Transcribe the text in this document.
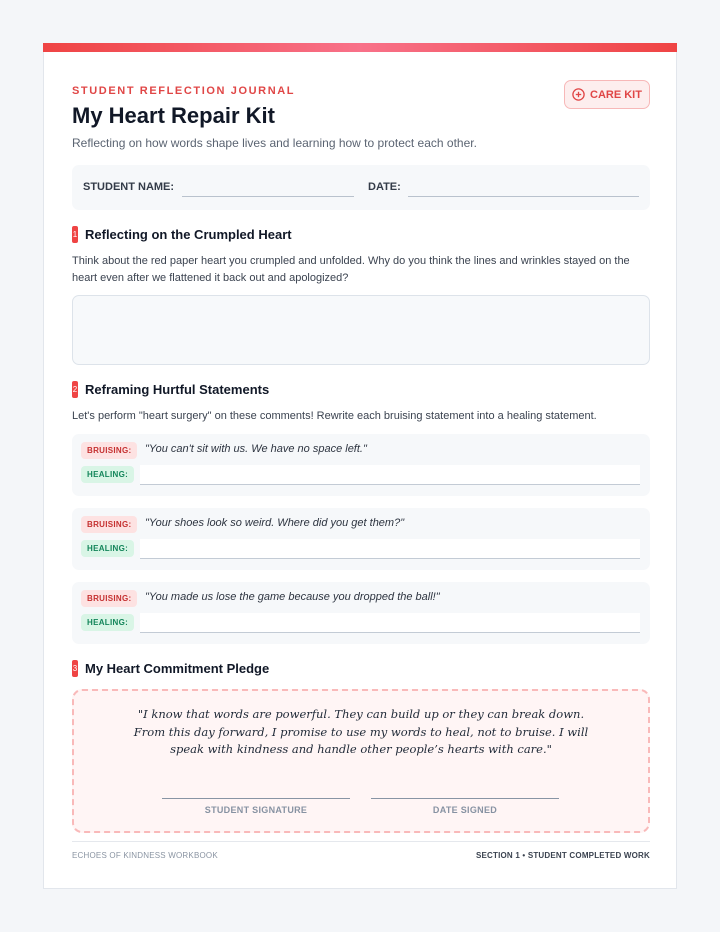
STUDENT REFLECTION JOURNAL
My Heart Repair Kit
Reflecting on how words shape lives and learning how to protect each other.
CARE KIT
STUDENT NAME:	DATE:
1 Reflecting on the Crumpled Heart
Think about the red paper heart you crumpled and unfolded. Why do you think the lines and wrinkles stayed on the heart even after we flattened it back out and apologized?
2 Reframing Hurtful Statements
Let's perform "heart surgery" on these comments! Rewrite each bruising statement into a healing statement.
BRUISING:	"You can't sit with us. We have no space left."
HEALING:
BRUISING:	"Your shoes look so weird. Where did you get them?"
HEALING:
BRUISING:	"You made us lose the game because you dropped the ball!"
HEALING:
3 My Heart Commitment Pledge
"I know that words are powerful. They can build up or they can break down. From this day forward, I promise to use my words to heal, not to bruise. I will speak with kindness and handle other people’s hearts with care."
STUDENT SIGNATURE	DATE SIGNED
ECHOES OF KINDNESS WORKBOOK	SECTION 1 • STUDENT COMPLETED WORK
